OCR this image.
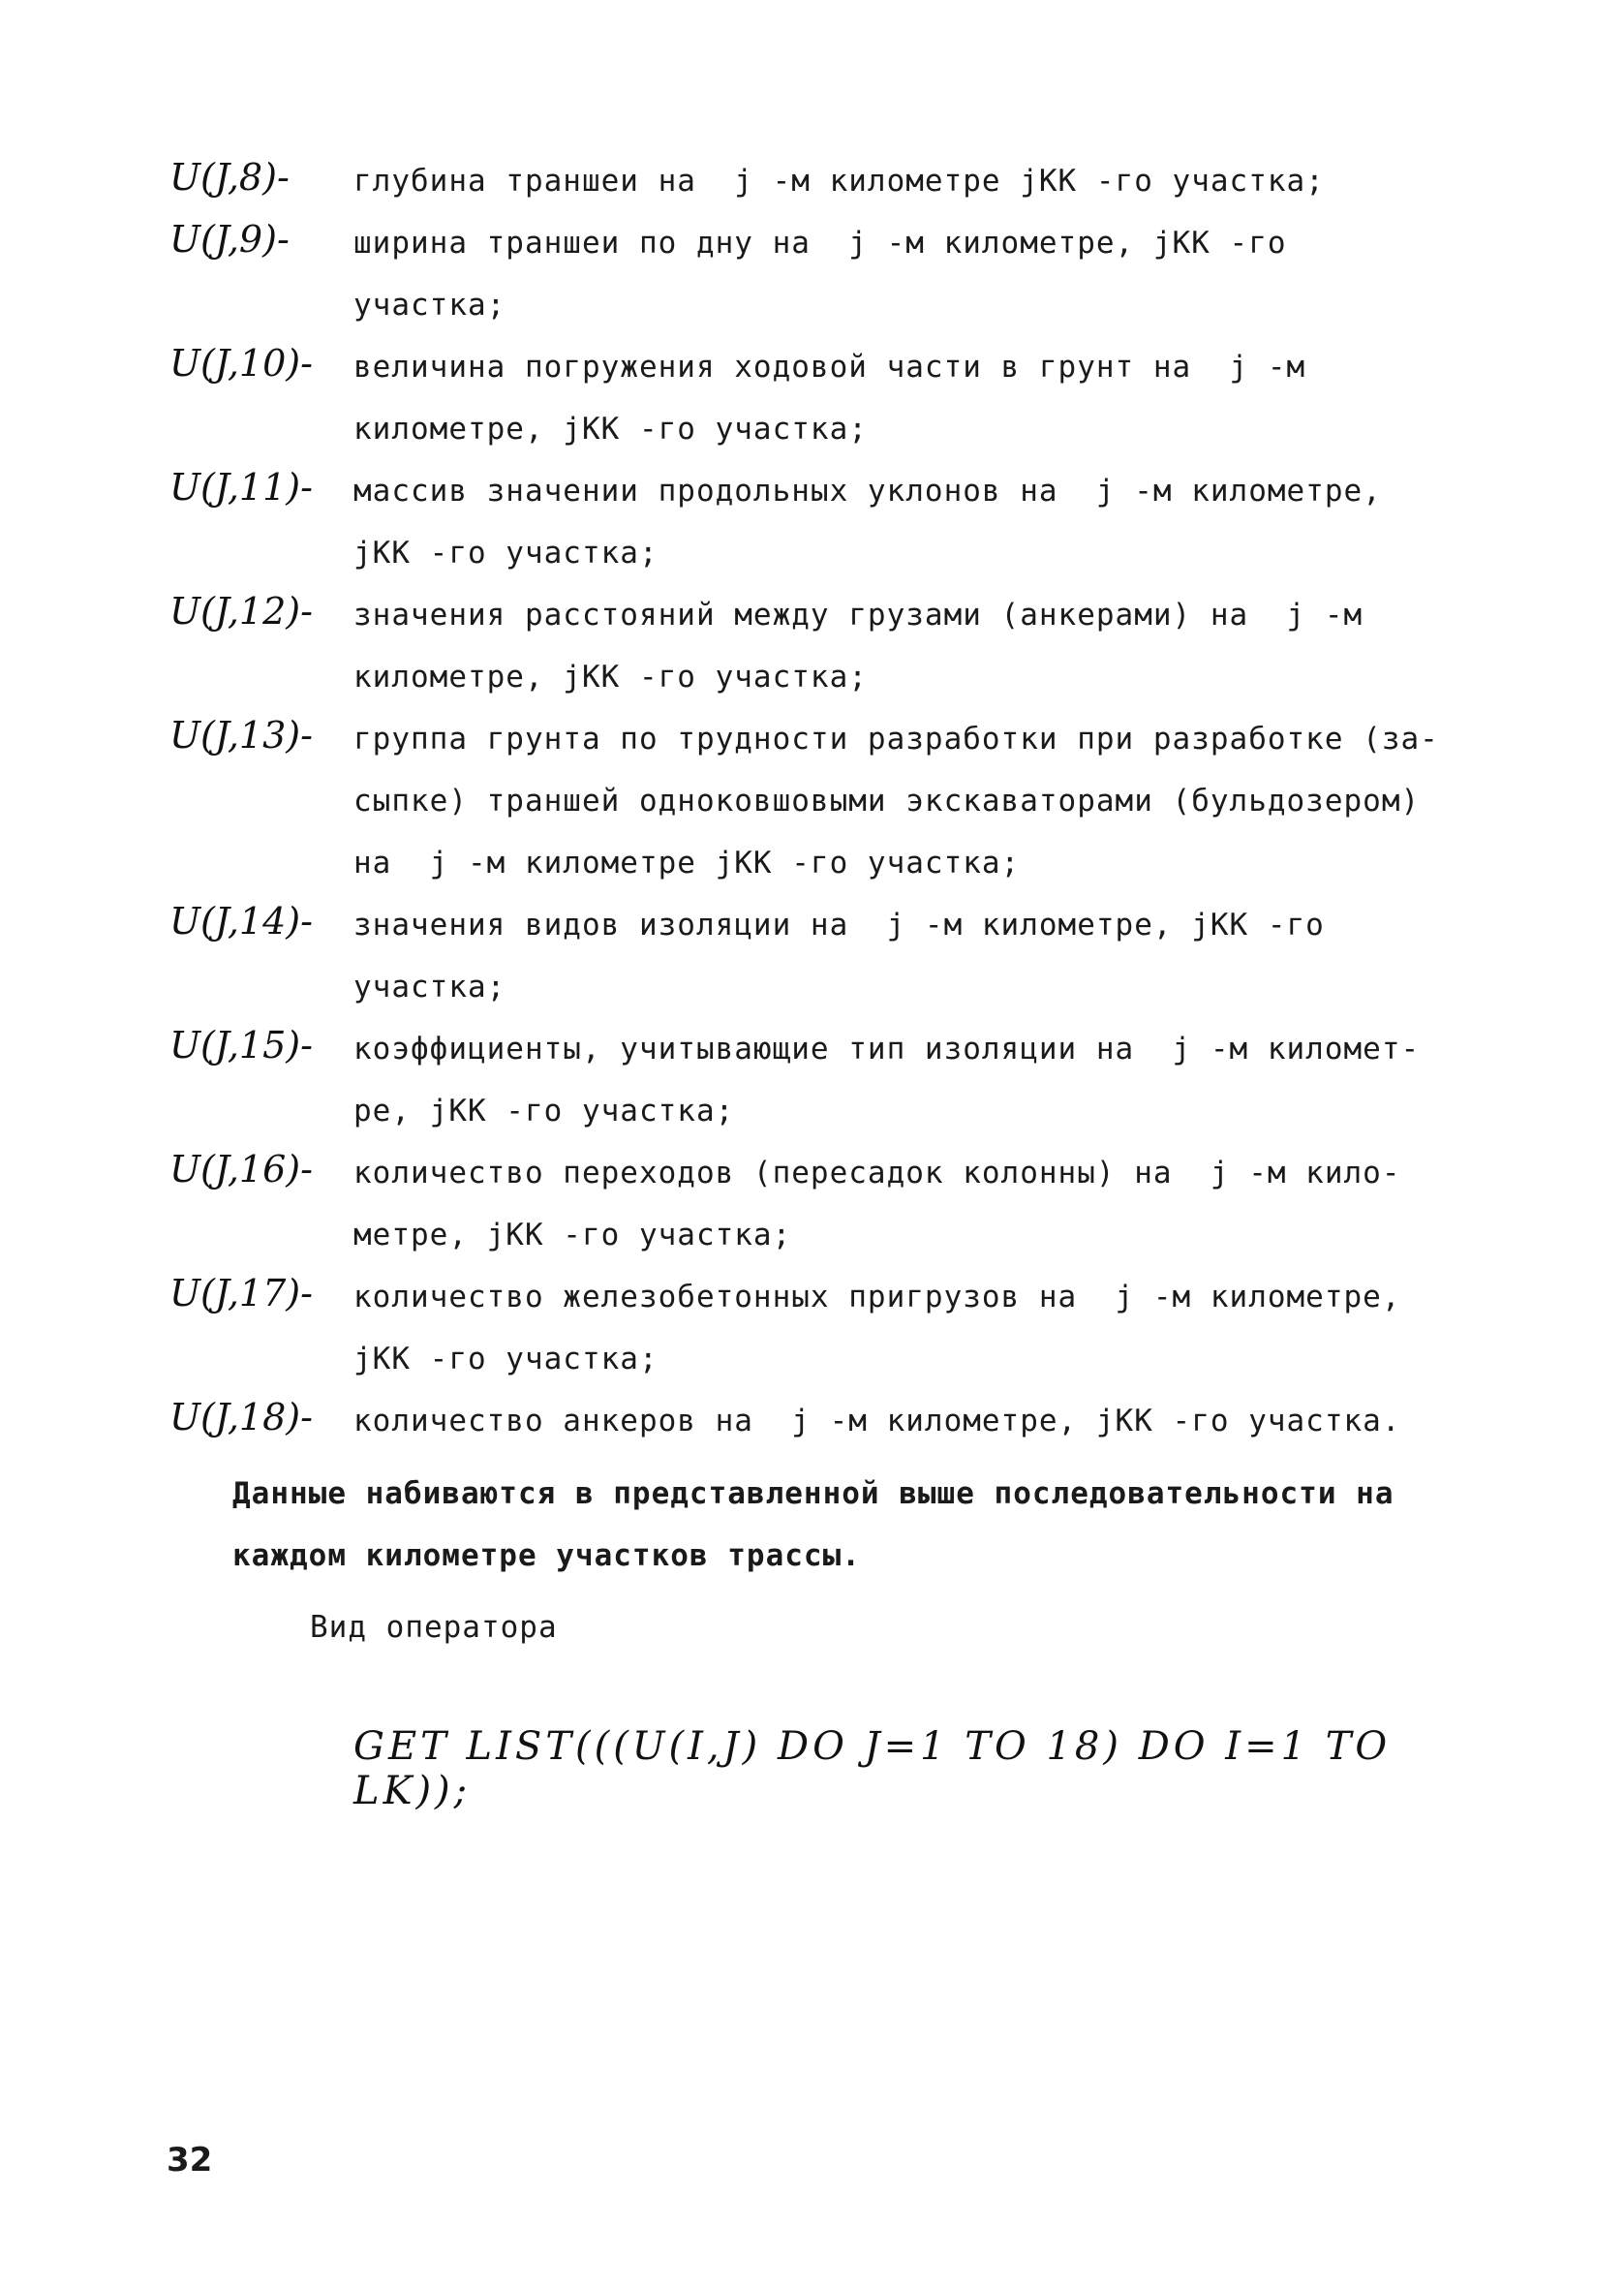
U(J,8)-	глубина траншеи на  j -м километре jKK -го участка;
U(J,9)-	ширина траншеи по дну на  j -м километре, jKK -го
участка;
U(J,10)-	величина погружения ходовой части в грунт на  j -м
километре, jKK -го участка;
U(J,11)-	массив значении продольных уклонов на  j -м километре,
jKK -го участка;
U(J,12)-	значения расстояний между грузами (анкерами) на  j -м
километре, jKK -го участка;
U(J,13)-	группа грунта по трудности разработки при разработке (за-
сыпке) траншей одноковшовыми экскаваторами (бульдозером)
на  j -м километре jKK -го участка;
U(J,14)-	значения видов изоляции на  j -м километре, jKK -го
участка;
U(J,15)-	коэффициенты, учитывающие тип изоляции на  j -м километ-
ре, jKK -го участка;
U(J,16)-	количество переходов (пересадок колонны) на  j -м кило-
метре, jKK -го участка;
U(J,17)-	количество железобетонных пригрузов на  j -м километре,
jKK -го участка;
U(J,18)-	количество анкеров на  j -м километре, jKK -го участка.
Данные набиваются в представленной выше последовательности на
каждом километре участков трассы.
Вид оператора
GET LIST(((U(I,J) DO J=1 TO 18) DO I=1 TO LK));
32
